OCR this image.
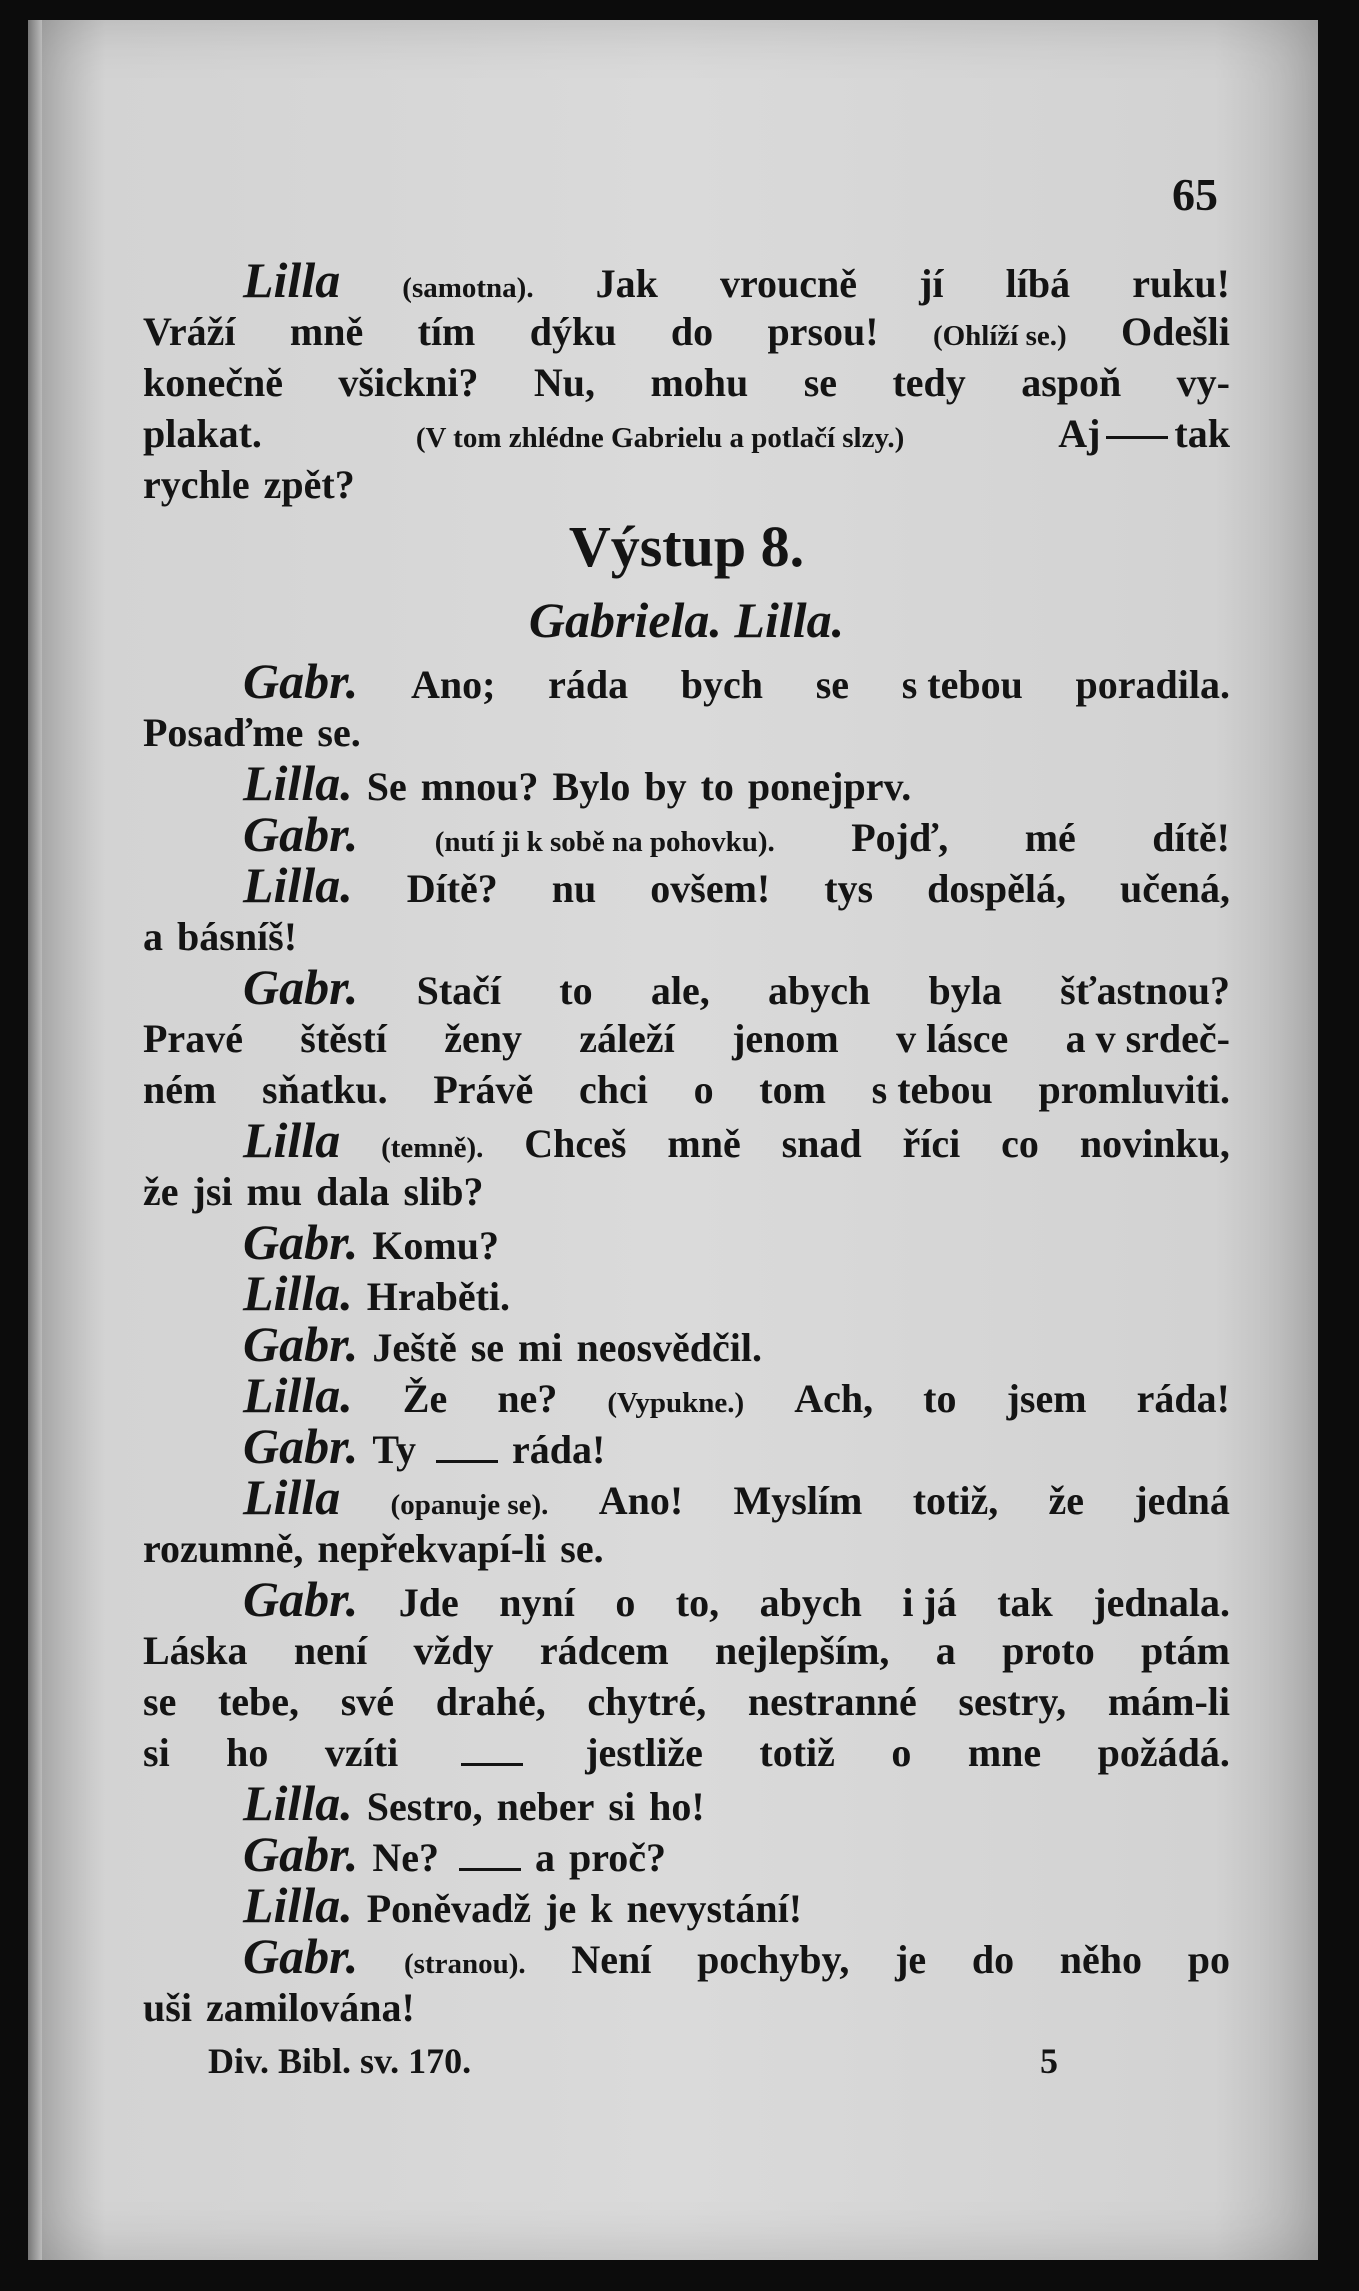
65
Lilla (samotna). Jak vroucně jí líbá ruku!
Vráží mně tím dýku do prsou! (Ohlíží se.) Odešli
konečně všickni? Nu, mohu se tedy aspoň vy-
plakat.	(V tom zhlédne Gabrielu a potlačí slzy.)	Aj tak
rychle zpět?
Výstup 8.
Gabriela. Lilla.
Gabr. Ano; ráda bych se s tebou poradila.
Posaďme se.
Lilla. Se mnou? Bylo by to ponejprv.
Gabr.	(nutí ji k sobě na pohovku). Pojď, mé dítě!
Lilla. Dítě? nu ovšem! tys dospělá, učená,
a básníš!
Gabr. Stačí to ale, abych byla šťastnou?
Pravé štěstí ženy záleží jenom v lásce a v srdeč-
ném sňatku. Právě chci o tom s tebou promluviti.
Lilla (temně). Chceš mně snad říci co novinku,
že jsi mu dala slib?
Gabr. Komu?
Lilla. Hraběti.
Gabr. Ještě se mi neosvědčil.
Lilla. Že ne? (Vypukne.) Ach, to jsem ráda!
Gabr. Ty ráda!
Lilla (opanuje se). Ano! Myslím totiž, že jedná
rozumně, nepřekvapí-li se.
Gabr. Jde nyní o to, abych i já tak jednala.
Láska není vždy rádcem nejlepším, a proto ptám
se tebe, své drahé, chytré, nestranné sestry, mám-li
si ho vzíti	jestliže totiž o mne požádá.
Lilla. Sestro, neber si ho!
Gabr. Ne? a proč?
Lilla. Poněvadž je k nevystání!
Gabr. (stranou). Není pochyby, je do něho po
uši zamilována!
Div. Bibl. sv. 170.	5
